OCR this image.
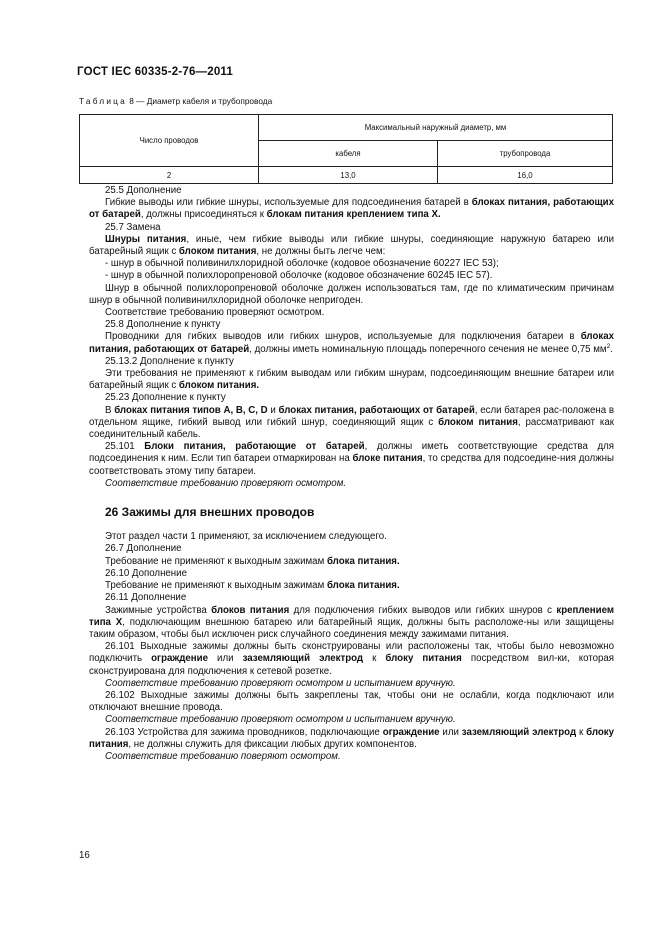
ГОСТ IEC 60335-2-76—2011
Таблица 8 — Диаметр кабеля и трубопровода
Число проводов	Максимальный наружный диаметр, мм	
	кабеля	трубопровода
2	13,0	16,0

25.5 Дополнение

Гибкие выводы или гибкие шнуры, используемые для подсоединения батарей в блоках питания, работающих от батарей, должны присоединяться к блокам питания креплением типа X.

25.7 Замена

Шнуры питания, иные, чем гибкие выводы или гибкие шнуры, соединяющие наружную батарею или батарейный ящик с блоком питания, не должны быть легче чем:

- шнур в обычной поливинилхлоридной оболочке (кодовое обозначение 60227 IEC 53);

- шнур в обычной полихлоропреновой оболочке (кодовое обозначение 60245 IEC 57).

Шнур в обычной полихлоропреновой оболочке должен использоваться там, где по климатическим причинам шнур в обычной поливинилхлоридной оболочке непригоден.

Соответствие требованию проверяют осмотром.

25.8 Дополнение к пункту

Проводники для гибких выводов или гибких шнуров, используемые для подключения батареи в блоках питания, работающих от батарей, должны иметь номинальную площадь поперечного сечения не менее 0,75 $мм^2$.

25.13.2 Дополнение к пункту

Эти требования не применяют к гибким выводам или гибким шнурам, подсоединяющим внешние батареи или батарейный ящик с блоком питания.

25.23 Дополнение к пункту

В блоках питания типов A, B, C, D и блоках питания, работающих от батарей, если батарея рас-положена в отдельном ящике, гибкий вывод или гибкий шнур, соединяющий ящик с блоком питания, рассматривают как соединительный кабель.

25.101 Блоки питания, работающие от батарей, должны иметь соответствующие средства для подсоединения к ним. Если тип батареи отмаркирован на блоке питания, то средства для подсоедине-ния должны соответствовать этому типу батареи.

Соответствие требованию проверяют осмотром.

26 Зажимы для внешних проводов

Этот раздел части 1 применяют, за исключением следующего.

26.7 Дополнение

Требование не применяют к выходным зажимам блока питания.

26.10 Дополнение

Требование не применяют к выходным зажимам блока питания.

26.11 Дополнение

Зажимные устройства блоков питания для подключения гибких выводов или гибких шнуров с креплением типа X, подключающим внешнюю батарею или батарейный ящик, должны быть расположе-ны или защищены таким образом, чтобы был исключен риск случайного соединения между зажимами питания.

26.101 Выходные зажимы должны быть сконструированы или расположены так, чтобы было невозможно подключить ограждение или заземляющий электрод к блоку питания посредством вил-ки, которая сконструирована для подключения к сетевой розетке.

Соответствие требованию проверяют осмотром и испытанием вручную.

26.102 Выходные зажимы должны быть закреплены так, чтобы они не ослабли, когда подключают или отключают внешние провода.

Соответствие требованию проверяют осмотром и испытанием вручную.

26.103 Устройства для зажима проводников, подключающие ограждение или заземляющий электрод к блоку питания, не должны служить для фиксации любых других компонентов.

Соответствие требованию поверяют осмотром.

16
